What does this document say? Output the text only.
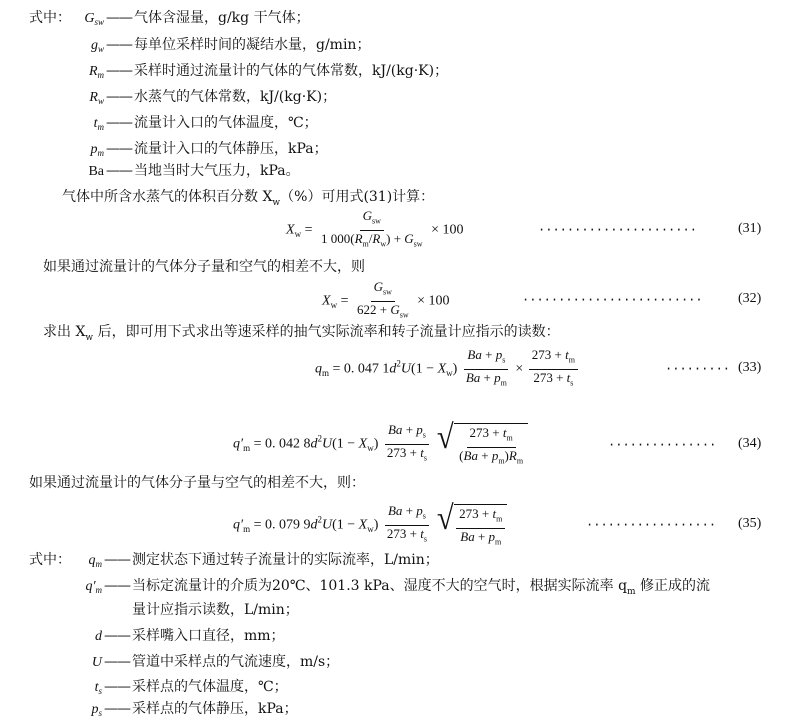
式中： $G_{sw}$ —— 气体含湿量，g/kg 干气体；
$g_w$ —— 每单位采样时间的凝结水量，g/min；
$R_m$ —— 采样时通过流量计的气体的气体常数，kJ/(kg·K)；
$R_w$ —— 水蒸气的气体常数，kJ/(kg·K)；
$t_m$ —— 流量计入口的气体温度，℃；
$p_m$ —— 流量计入口的气体静压，kPa；
Ba —— 当地当时大气压力，kPa。
气体中所含水蒸气的体积百分数 $X_w(\%)$可用式(31)计算：
$X_w = \frac{G_{sw}}{1 000(R_m/R_w) + G_{sw}} \times 100$	······················	(31)
如果通过流量计的气体分子量和空气的相差不大，则
$X_w = \frac{G_{sw}}{622 + G_{sw}} \times 100$	·························	(32)
求出 $X_w$ 后，即可用下式求出等速采样的抽气实际流率和转子流量计应指示的读数：
$q_m = 0$. 047 $1d^2U(1 - X_w) \frac{Ba + p_s}{Ba + p_m} \times \frac{273 + t_m}{273 + t_s}$	········· (33)
$q'_m = 0$. 042 $8d^2U(1 - X_w) \frac{Ba + p_s}{273 + t_s}$
√ $\frac{273 + t_m}{(Ba + p_m)R_m}$	··············· (34)
如果通过流量计的气体分子量与空气的相差不大，则：
$q'_m = 0$. 079 $9d^2U(1 - X_w) \frac{Ba + p_s}{273 + t_s}$
√ $\frac{273 + t_m}{Ba + p_m}$	·················· (35)
式中：	$q_m$ —— 测定状态下通过转子流量计的实际流率，L/min；
$q'_m$ —— 当标定流量计的介质为20℃、101.3 kPa、湿度不大的空气时，根据实际流率 $q_m$ 修正成的流
量计应指示读数，L/min；
d —— 采样嘴入口直径，mm；
U —— 管道中采样点的气流速度，m/s；
$t_s$ —— 采样点的气体温度，℃；
$p_s$ —— 采样点的气体静压，kPa；
